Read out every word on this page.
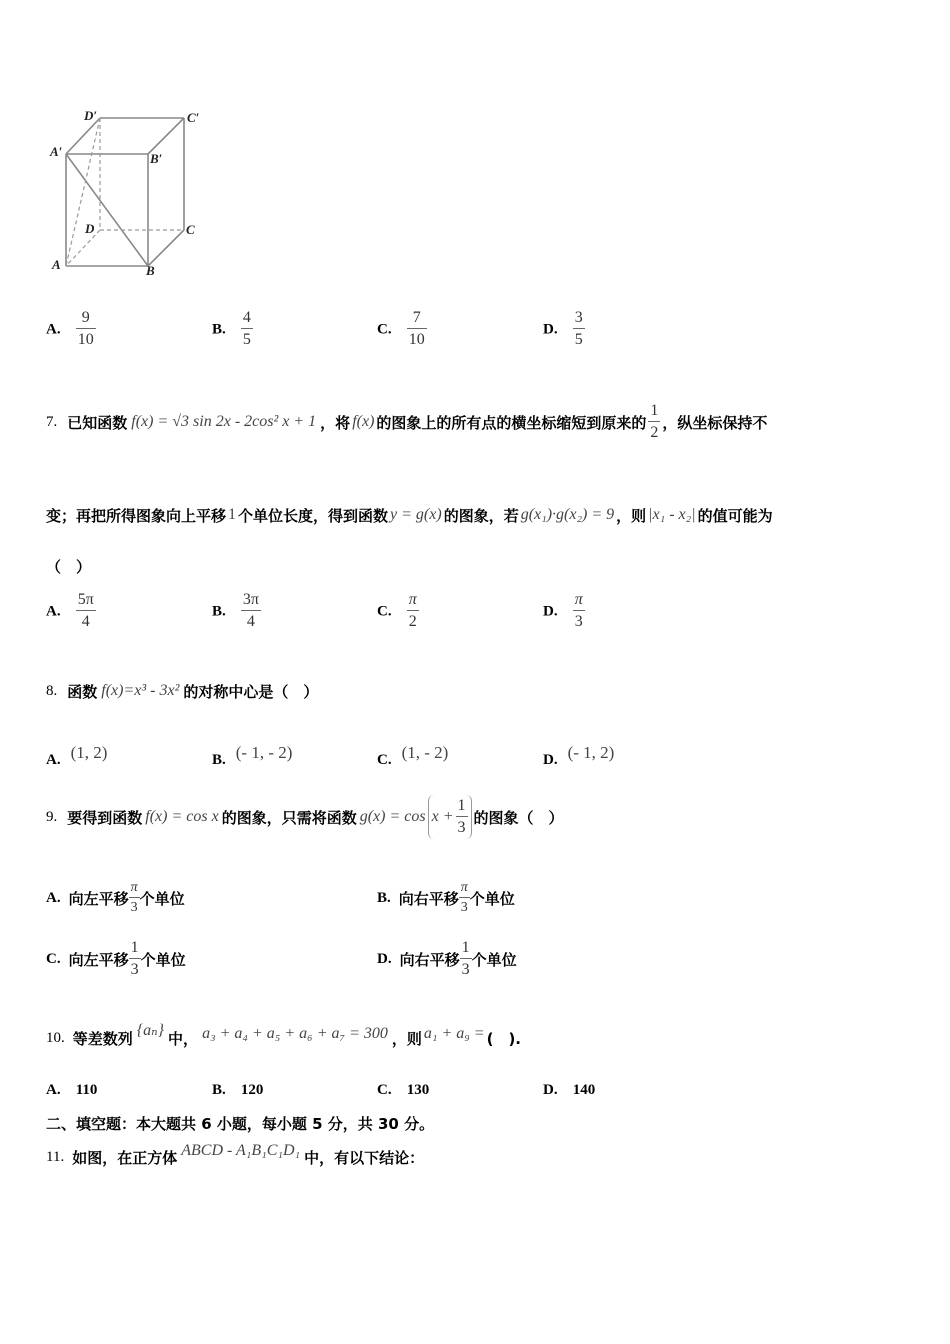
D′	C′
A′	B′
D	C
A	B
A. $\frac{9}{10}$	B. $\frac{4}{5}$	C. $\frac{7}{10}$	D. $\frac{3}{5}$
7. 已知函数 f(x) = √3 sin 2x - 2cos² x + 1 ，将 f(x) 的图象上的所有点的横坐标缩短到原来的 $\frac{1}{2}$ ，纵坐标保持不
变；再把所得图象向上平移 1 个单位长度，得到函数 y = g(x) 的图象，若 g(x₁)·g(x₂) = 9 ，则 |x₁ - x₂| 的值可能为
（　）
A. $\frac{5\pi}{4}$	B. $\frac{3\pi}{4}$	C. $\frac{\pi}{2}$	D. $\frac{\pi}{3}$
8. 函数 f(x)=x³ - 3x² 的对称中心是（　）
A. (1, 2)	B. (- 1, - 2)	C. (1, - 2)	D. (- 1, 2)
9. 要得到函数 f(x) = cos x 的图象，只需将函数 $g(x) = \cos x + \frac{1}{3}$ 的图象（　）
A. 向左平移 $\frac{\pi}{3}$ 个单位	B. 向右平移 $\frac{\pi}{3}$ 个单位
C. 向左平移 $\frac{1}{3}$ 个单位	D. 向右平移 $\frac{1}{3}$ 个单位
10. 等差数列 {aₙ} 中， a₃ + a₄ + a₅ + a₆ + a₇ = 300 ，则 a₁ + a₉ = (　).
A. 110	B. 120	C. 130	D. 140
二、填空题：本大题共 6 小题，每小题 5 分，共 30 分。
11. 如图，在正方体 ABCD - A₁B₁C₁D₁ 中，有以下结论：
